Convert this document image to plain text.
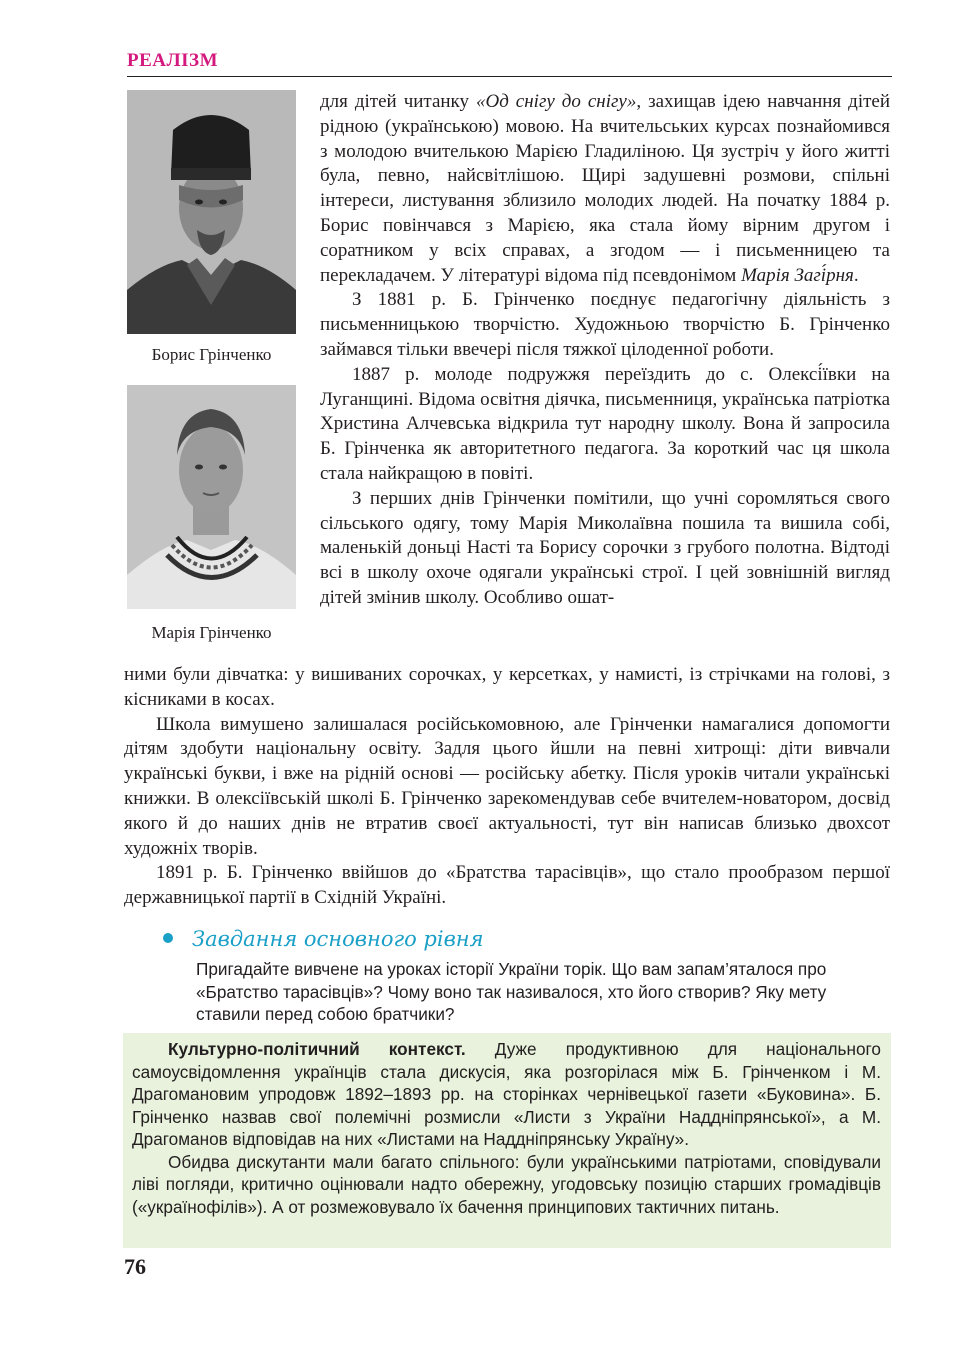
РЕАЛІЗМ
Борис Грінченко
Марія Грінченко

для дітей читанку «Од снігу до снігу», захищав ідею навчання дітей рідною (українською) мовою. На вчительських курсах познайомився з молодою вчителькою Марією Гладиліною. Ця зустріч у його житті була, певно, найсвітлішою. Щирі задушевні розмови, спільні інтереси, листування зблизило молодих людей. На початку 1884 р. Борис повінчався з Марією, яка стала йому вірним другом і соратником у всіх справах, а згодом — і письменницею та перекладачем. У літературі відома під псевдонімом Марія Загі́рня.

З 1881 р. Б. Грінченко поєднує педагогічну діяльність з письменницькою творчістю. Художньою творчістю Б. Грінченко займався тільки ввечері після тяжкої цілоденної роботи.

1887 р. молоде подружжя переїздить до с. Олексі́ївки на Луганщині. Відома освітня діячка, письменниця, українська патріотка Христина Алчевська відкрила тут народну школу. Вона й запросила Б. Грінченка як авторитетного педагога. За короткий час ця школа стала найкращою в повіті.

З перших днів Грінченки помітили, що учні соромляться свого сільського одягу, тому Марія Миколаївна пошила та вишила собі, маленькій доньці Насті та Борису сорочки з грубого полотна. Відтоді всі в школу охоче одягали українські строї. І цей зовнішній вигляд дітей змінив школу. Особливо ошат-

ними були дівчатка: у вишиваних сорочках, у керсетках, у намисті, із стрічками на голові, з кісниками в косах.

Школа вимушено залишалася російськомовною, але Грінченки намагалися допомогти дітям здобути національну освіту. Задля цього йшли на певні хитрощі: діти вивчали українські букви, і вже на рідній основі — російську абетку. Після уроків читали українські книжки. В олексіївській школі Б. Грінченко зарекомендував себе вчителем-новатором, досвід якого й до наших днів не втратив своєї актуальності, тут він написав близько двохсот художніх творів.

1891 р. Б. Грінченко ввійшов до «Братства тарасівців», що стало прообразом першої державницької партії в Східній Україні.

Завдання основного рівня
Пригадайте вивчене на уроках історії України торік. Що вам запам’яталося про «Братство тарасівців»? Чому воно так називалося, хто його створив? Яку мету ставили перед собою братчики?

Культурно-політичний контекст. Дуже продуктивною для національного самоусвідомлення українців стала дискусія, яка розгорілася між Б. Грінченком і М. Драгомановим упродовж 1892–1893 рр. на сторінках чернівецької газети «Буковина». Б. Грінченко назвав свої полемічні розмисли «Листи з України Наддніпрянської», а М. Драгоманов відповідав на них «Листами на Наддніпрянську Україну».

Обидва дискутанти мали багато спільного: були українськими патріотами, сповідували ліві погляди, критично оцінювали надто обережну, угодовську позицію старших громадівців («українофілів»). А от розмежовувало їх бачення принципових тактичних питань.

76
